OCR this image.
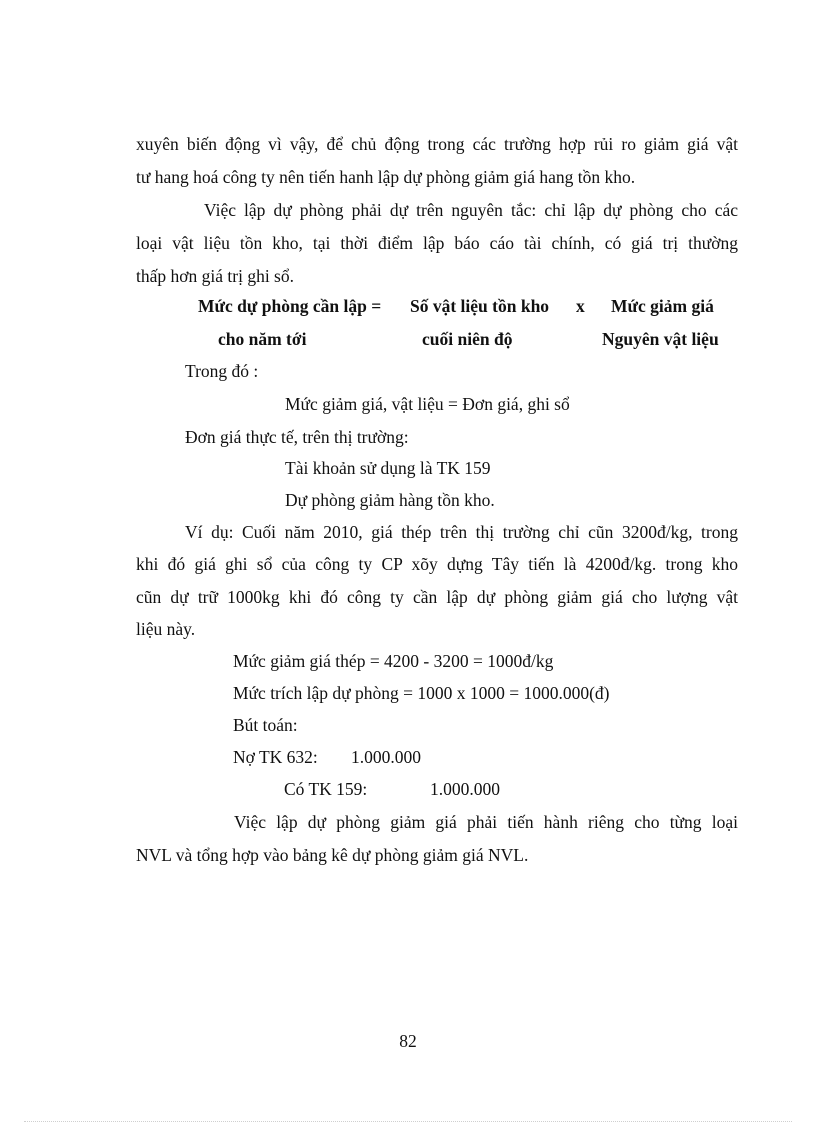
xuyên biến động vì vậy, để chủ động trong các trường hợp rủi ro giảm giá vật
tư hang hoá công ty nên tiến hanh lập dự phòng giảm giá hang tồn kho.
Việc lập dự phòng phải dự trên nguyên tắc: chỉ lập dự phòng cho các
loại vật liệu tồn kho, tại thời điểm lập báo cáo tài chính, có giá trị thường
thấp hơn giá trị ghi sổ.
Mức dự phòng cần lập = Số vật liệu tồn kho x Mức giảm giá
cho năm tới	cuối niên độ	Nguyên vật liệu
Trong đó :
Mức giảm giá, vật liệu = Đơn giá, ghi sổ
Đơn giá thực tế, trên thị trường:
Tài khoản sử dụng là TK 159
Dự phòng giảm hàng tồn kho.
Ví dụ: Cuối năm 2010, giá thép trên thị trường chỉ cũn 3200đ/kg, trong
khi đó giá ghi sổ của công ty CP xõy dựng Tây tiến là 4200đ/kg. trong kho
cũn dự trữ 1000kg khi đó công ty cần lập dự phòng giảm giá cho lượng vật
liệu này.
Mức giảm giá thép = 4200 - 3200 = 1000đ/kg
Mức trích lập dự phòng = 1000 x 1000 = 1000.000(đ)
Bút toán:
Nợ TK 632: 1.000.000
Có TK 159:	1.000.000
Việc lập dự phòng giảm giá phải tiến hành riêng cho từng loại
NVL và tổng hợp vào bảng kê dự phòng giảm giá NVL.
82
